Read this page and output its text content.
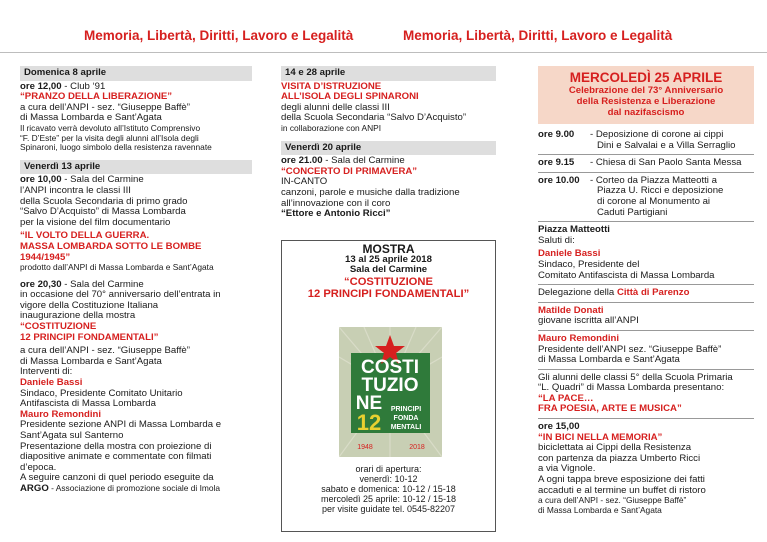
Memoria, Libertà, Diritti, Lavoro e Legalità	Memoria, Libertà, Diritti, Lavoro e Legalità
Domenica 8 aprile

ore 12,00 - Club ‘91

“PRANZO DELLA LIBERAZIONE”

a cura dell’ANPI - sez. “Giuseppe Baffè”

di Massa Lombarda e Sant’Agata

Il ricavato verrà devoluto all’Istituto Comprensivo

“F. D’Este” per la visita degli alunni all’Isola degli

Spinaroni, luogo simbolo della resistenza ravennate

Venerdì 13 aprile

ore 10,00 - Sala del Carmine

l’ANPI incontra le classi III

della Scuola Secondaria di primo grado

“Salvo D’Acquisto” di Massa Lombarda

per la visione del film documentario

“IL VOLTO DELLA GUERRA.

MASSA LOMBARDA SOTTO LE BOMBE

1944/1945”

prodotto dall’ANPI di Massa Lombarda e Sant’Agata

ore 20,30 - Sala del Carmine

in occasione del 70° anniversario dell’entrata in

vigore della Costituzione Italiana

inaugurazione della mostra

“COSTITUZIONE

12 PRINCIPI FONDAMENTALI”

a cura dell’ANPI - sez. “Giuseppe Baffè”

di Massa Lombarda e Sant’Agata

Interventi di:

Daniele Bassi

Sindaco, Presidente Comitato Unitario

Antifascista di Massa Lombarda

Mauro Remondini

Presidente sezione ANPI di Massa Lombarda e

Sant’Agata sul Santerno

Presentazione della mostra con proiezione di

diapositive animate e commentate con filmati

d’epoca.

A seguire canzoni di quel periodo eseguite da

ARGO - Associazione di promozione sociale di Imola

14 e 28 aprile

VISITA D’ISTRUZIONE

ALL’ISOLA DEGLI SPINARONI

degli alunni delle classi III

della Scuola Secondaria “Salvo D’Acquisto”

in collaborazione con ANPI

Venerdì 20 aprile

ore 21.00 - Sala del Carmine

“CONCERTO DI PRIMAVERA”

IN-CANTO

canzoni, parole e musiche dalla tradizione

all’innovazione con il coro

“Ettore e Antonio Ricci”

MOSTRA

13 al 25 aprile 2018

Sala del Carmine

“COSTITUZIONE

12 PRINCIPI FONDAMENTALI”

COSTI
TUZIO
NE
12
PRINCIPI
FONDA
MENTALI
1948	2018

orari di apertura:

venerdì: 10-12

sabato e domenica: 10-12 / 15-18

mercoledì 25 aprile: 10-12 / 15-18

per visite guidate tel. 0545-82207

MERCOLEDÌ 25 APRILE

Celebrazione del 73° Anniversario

della Resistenza e Liberazione

dal nazifascismo

ore 9.00	- Deposizione di corone ai cippi
Dini e Salvalai e a Villa Serraglio
ore 9.15	- Chiesa di San Paolo Santa Messa
ore 10.00	- Corteo da Piazza Matteotti a
Piazza U. Ricci e deposizione
di corone al Monumento ai
Caduti Partigiani

Piazza Matteotti

Saluti di:

Daniele Bassi

Sindaco, Presidente del

Comitato Antifascista di Massa Lombarda

Delegazione della Città di Parenzo

Matilde Donati

giovane iscritta all’ANPI

Mauro Remondini

Presidente dell’ANPI sez. “Giuseppe Baffè”

di Massa Lombarda e Sant’Agata

Gli alunni delle classi 5° della Scuola Primaria

“L. Quadri” di Massa Lombarda presentano:

“LA PACE…

FRA POESIA, ARTE E MUSICA”

ore 15,00

“IN BICI NELLA MEMORIA”

biciclettata ai Cippi della Resistenza

con partenza da piazza Umberto Ricci

a via Vignole.

A ogni tappa breve esposizione dei fatti

accaduti e al termine un buffet di ristoro

a cura dell’ANPI - sez. “Giuseppe Baffè”

di Massa Lombarda e Sant’Agata
